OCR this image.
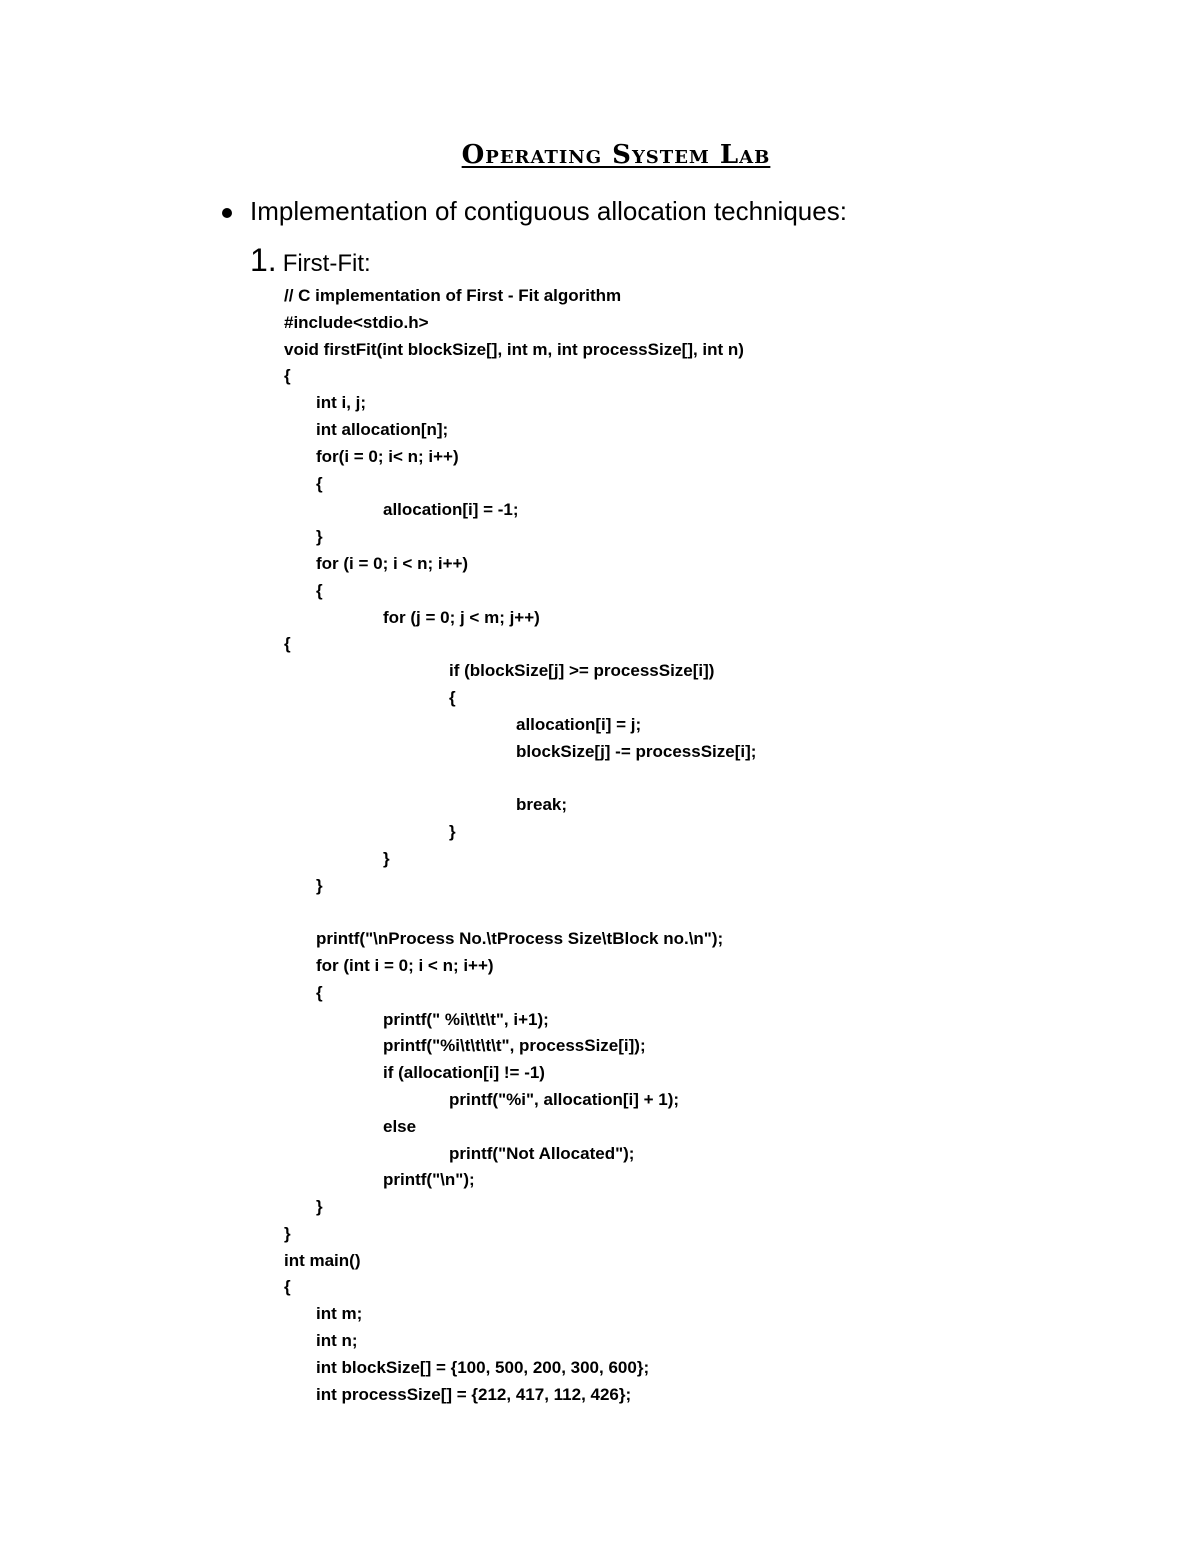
Operating System Lab
Implementation of contiguous allocation techniques:
1. First-Fit:
// C implementation of First - Fit algorithm
#include<stdio.h>
void firstFit(int blockSize[], int m, int processSize[], int n)
{
int i, j;
int allocation[n];
for(i = 0; i< n; i++)
{
allocation[i] = -1;
}
for (i = 0; i < n; i++)
{
for (j = 0; j < m; j++)
{
if (blockSize[j] >= processSize[i])
{
allocation[i] = j;
blockSize[j] -= processSize[i];
break;
}
}
}
printf("\nProcess No.\tProcess Size\tBlock no.\n");
for (int i = 0; i < n; i++)
{
printf(" %i\t\t\t", i+1);
printf("%i\t\t\t\t", processSize[i]);
if (allocation[i] != -1)
printf("%i", allocation[i] + 1);
else
printf("Not Allocated");
printf("\n");
}
}
int main()
{
int m;
int n;
int blockSize[] = {100, 500, 200, 300, 600};
int processSize[] = {212, 417, 112, 426};
